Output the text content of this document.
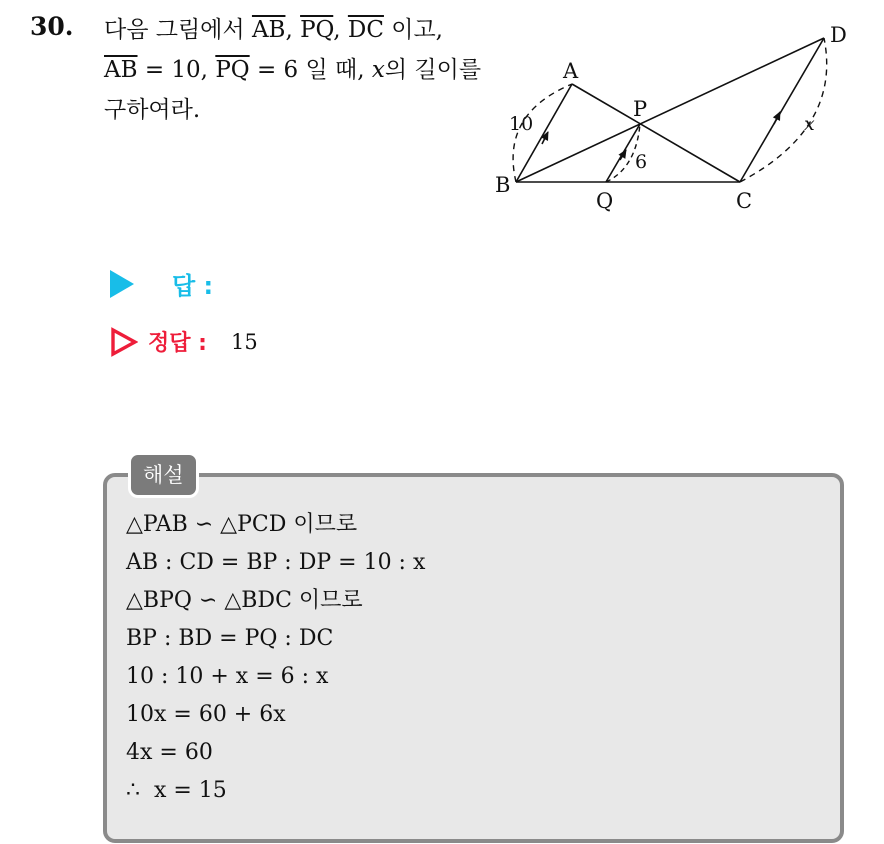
30. 다음 그림에서 $\overline{AB}$, $\overline{PQ}$, $\overline{DC}$ 이고,
$\overline{AB} = 10$, $\overline{PQ} = 6$ 일 때, x의 길이를 구하여라.
A
P
B
Q	C
D
10
6
x
답 :
정답 : 15
해설
△PAB ∽ △PCD 이므로
AB : CD = BP : DP = 10 : x
△BPQ ∽ △BDC 이므로
BP : BD = PQ : DC
10 : 10 + x = 6 : x
10x = 60 + 6x
4x = 60
∴  x = 15
